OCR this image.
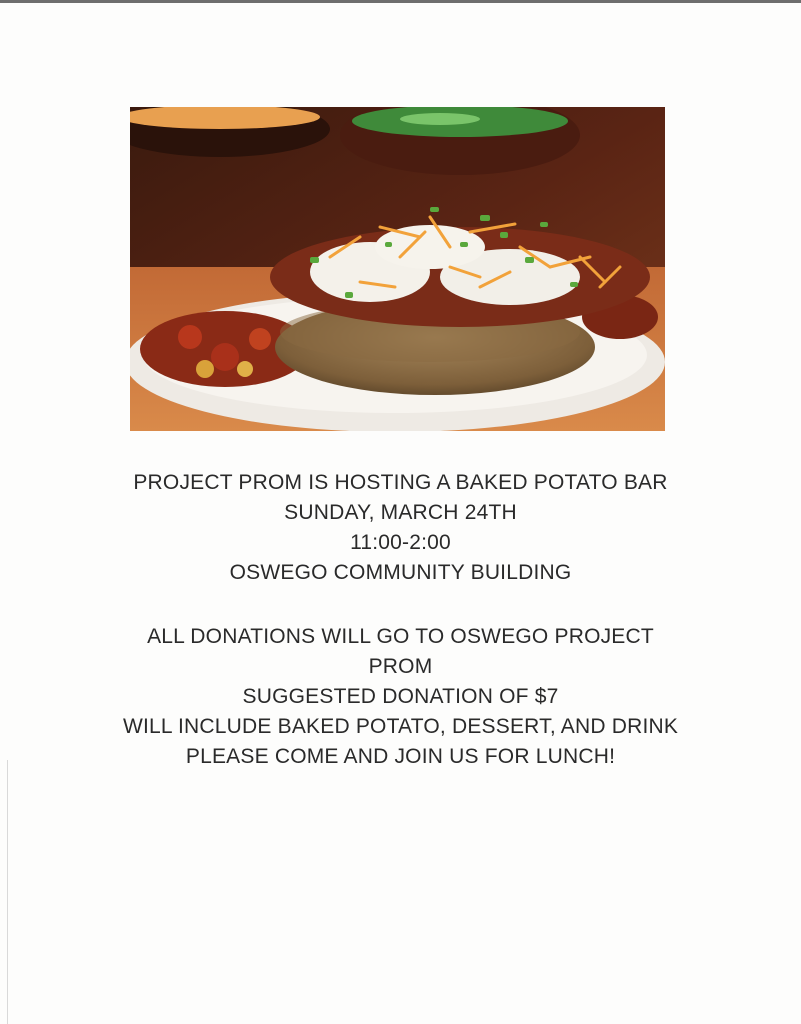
PROJECT PROM IS HOSTING A BAKED POTATO BAR
SUNDAY, MARCH 24TH
11:00-2:00
OSWEGO COMMUNITY BUILDING
ALL DONATIONS WILL GO TO OSWEGO PROJECT PROM
SUGGESTED DONATION OF $7
WILL INCLUDE BAKED POTATO, DESSERT, AND DRINK
PLEASE COME AND JOIN US FOR LUNCH!
